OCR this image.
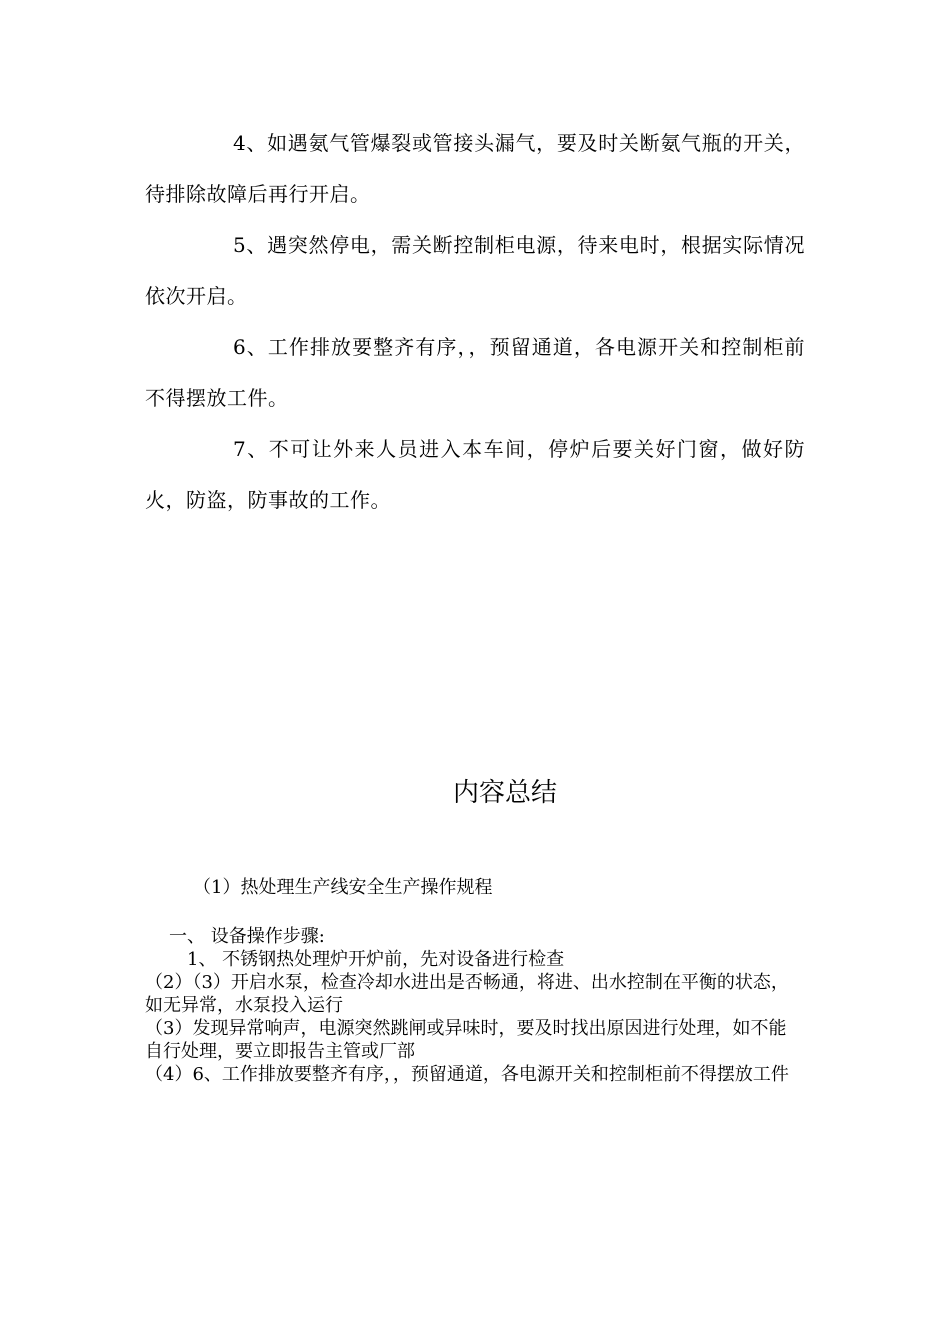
4、如遇氨气管爆裂或管接头漏气，要及时关断氨气瓶的开关，待排除故障后再行开启。

5、遇突然停电，需关断控制柜电源，待来电时，根据实际情况依次开启。

6、工作排放要整齐有序，，预留通道，各电源开关和控制柜前不得摆放工件。

7、不可让外来人员进入本车间，停炉后要关好门窗，做好防火，防盗，防事故的工作。

内容总结

（1）热处理生产线安全生产操作规程

一、 设备操作步骤:

1、 不锈钢热处理炉开炉前，先对设备进行检查

（2）（3）开启水泵，检查冷却水进出是否畅通，将进、出水控制在平衡的状态，如无异常，水泵投入运行

（3）发现异常响声，电源突然跳闸或异味时，要及时找出原因进行处理，如不能自行处理，要立即报告主管或厂部

（4）6、工作排放要整齐有序，，预留通道，各电源开关和控制柜前不得摆放工件
